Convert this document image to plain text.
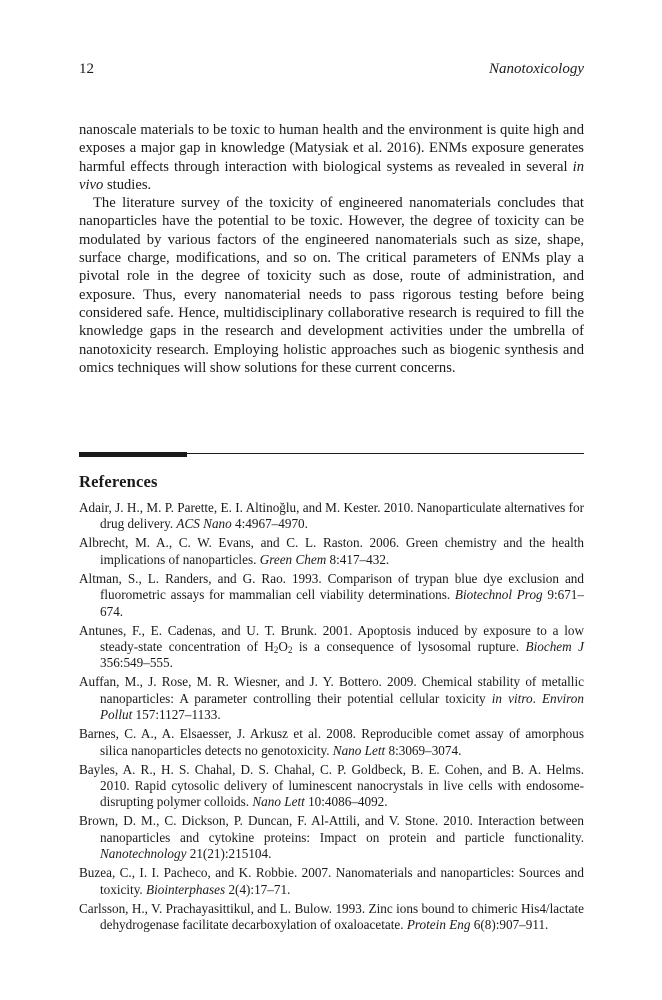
12	Nanotoxicology

nanoscale materials to be toxic to human health and the environment is quite high and exposes a major gap in knowledge (Matysiak et al. 2016). ENMs exposure generates harmful effects through interaction with biological systems as revealed in several in vivo studies.

The literature survey of the toxicity of engineered nanomaterials concludes that nanoparticles have the potential to be toxic. However, the degree of toxicity can be modulated by various factors of the engineered nanomaterials such as size, shape, surface charge, modifications, and so on. The critical parameters of ENMs play a pivotal role in the degree of toxicity such as dose, route of administration, and exposure. Thus, every nanomaterial needs to pass rigorous testing before being considered safe. Hence, multidisciplinary collaborative research is required to fill the knowledge gaps in the research and development activities under the umbrella of nanotoxicity research. Employing holistic approaches such as biogenic synthesis and omics techniques will show solutions for these current concerns.

References
Adair, J. H., M. P. Parette, E. I. Altinoğlu, and M. Kester. 2010. Nanoparticulate alternatives for drug delivery. ACS Nano 4:4967–4970.
Albrecht, M. A., C. W. Evans, and C. L. Raston. 2006. Green chemistry and the health implications of nanoparticles. Green Chem 8:417–432.
Altman, S., L. Randers, and G. Rao. 1993. Comparison of trypan blue dye exclusion and fluorometric assays for mammalian cell viability determinations. Biotechnol Prog 9:671–674.
Antunes, F., E. Cadenas, and U. T. Brunk. 2001. Apoptosis induced by exposure to a low steady-state concentration of $H_2O_2$ is a consequence of lysosomal rupture. Biochem J 356:549–555.
Auffan, M., J. Rose, M. R. Wiesner, and J. Y. Bottero. 2009. Chemical stability of metallic nanoparticles: A parameter controlling their potential cellular toxicity in vitro. Environ Pollut 157:1127–1133.
Barnes, C. A., A. Elsaesser, J. Arkusz et al. 2008. Reproducible comet assay of amorphous silica nanoparticles detects no genotoxicity. Nano Lett 8:3069–3074.
Bayles, A. R., H. S. Chahal, D. S. Chahal, C. P. Goldbeck, B. E. Cohen, and B. A. Helms. 2010. Rapid cytosolic delivery of luminescent nanocrystals in live cells with endosome-disrupting polymer colloids. Nano Lett 10:4086–4092.
Brown, D. M., C. Dickson, P. Duncan, F. Al-Attili, and V. Stone. 2010. Interaction between nanoparticles and cytokine proteins: Impact on protein and particle functionality. Nanotechnology 21(21):215104.
Buzea, C., I. I. Pacheco, and K. Robbie. 2007. Nanomaterials and nanoparticles: Sources and toxicity. Biointerphases 2(4):17–71.
Carlsson, H., V. Prachayasittikul, and L. Bulow. 1993. Zinc ions bound to chimeric His4/lactate dehydrogenase facilitate decarboxylation of oxaloacetate. Protein Eng 6(8):907–911.
